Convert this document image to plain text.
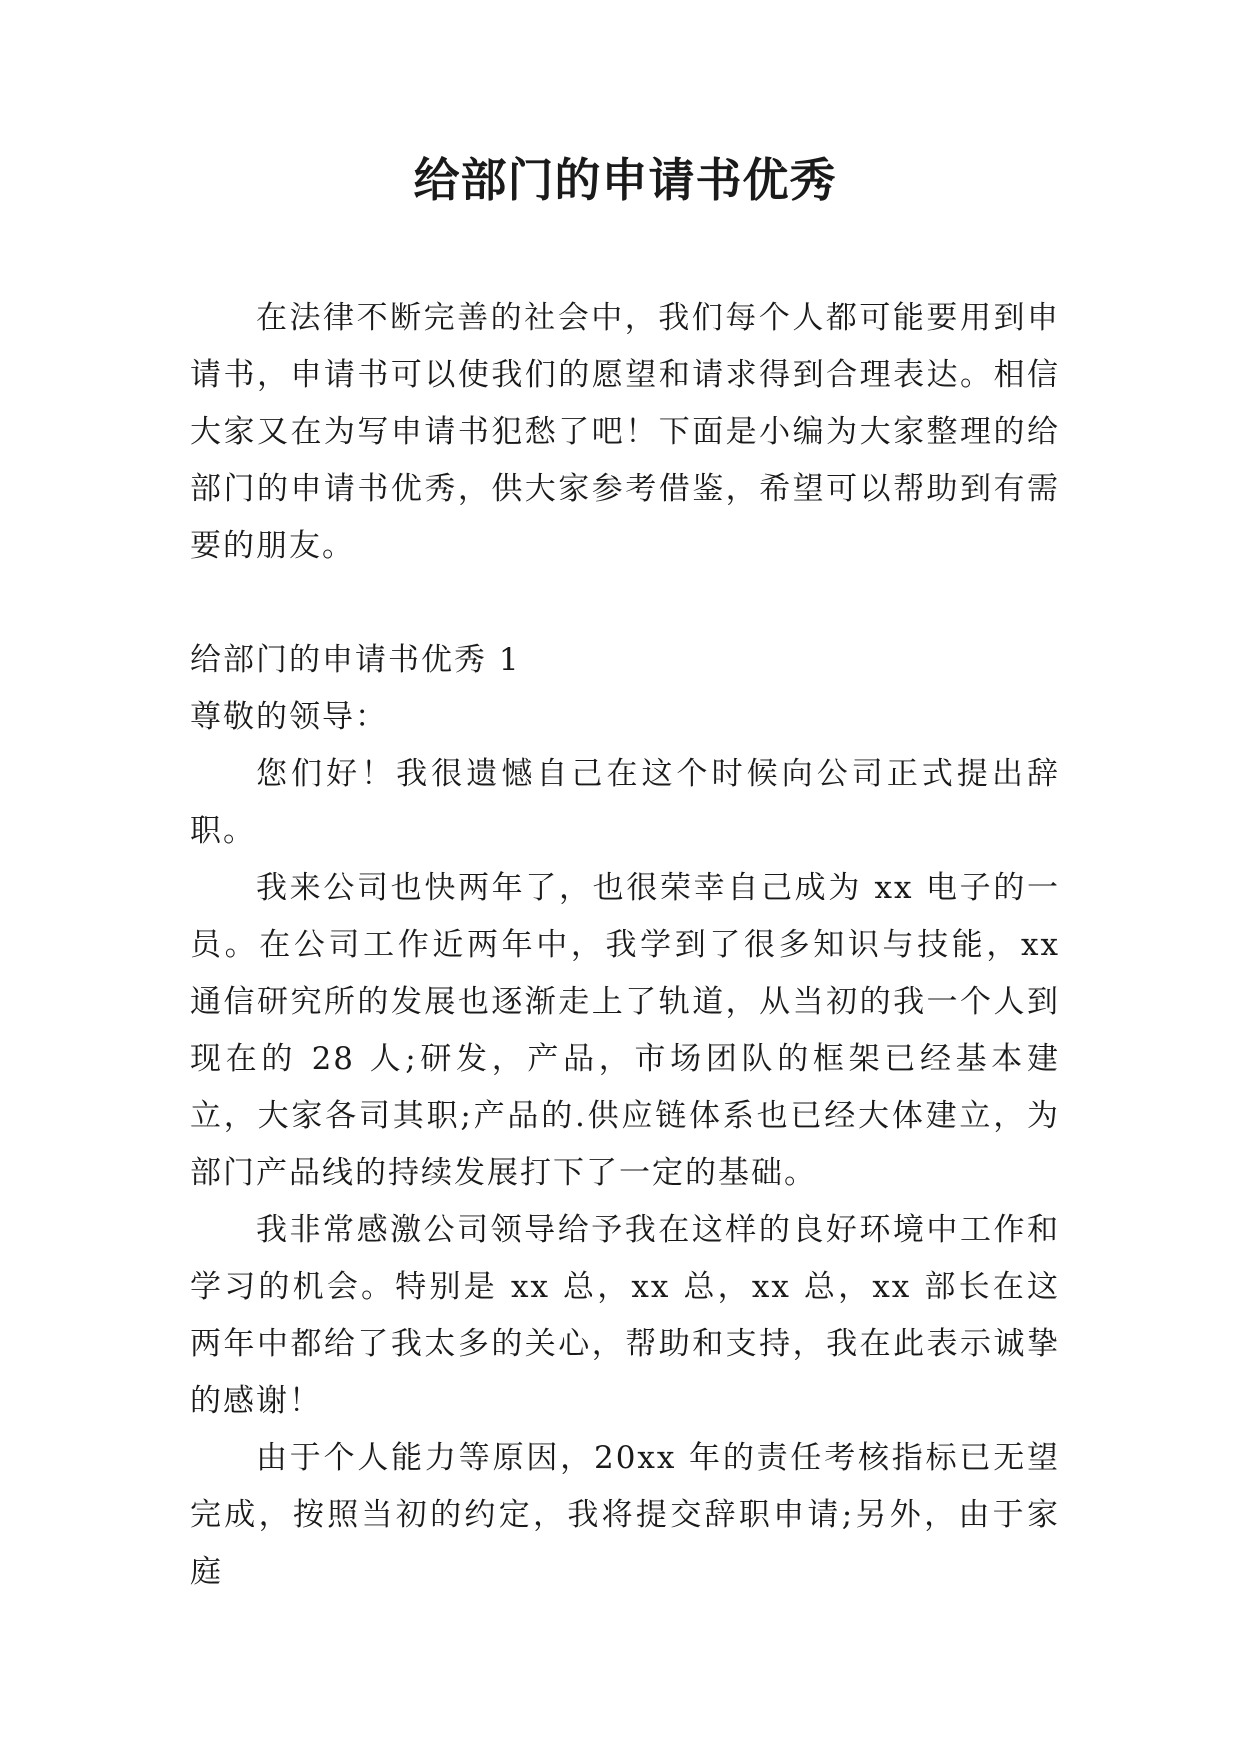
给部门的申请书优秀

在法律不断完善的社会中，我们每个人都可能要用到申请书，申请书可以使我们的愿望和请求得到合理表达。相信大家又在为写申请书犯愁了吧！下面是小编为大家整理的给部门的申请书优秀，供大家参考借鉴，希望可以帮助到有需要的朋友。

给部门的申请书优秀 1

尊敬的领导：

您们好！我很遗憾自己在这个时候向公司正式提出辞职。

我来公司也快两年了，也很荣幸自己成为 xx 电子的一员。在公司工作近两年中，我学到了很多知识与技能，xx 通信研究所的发展也逐渐走上了轨道，从当初的我一个人到现在的 28 人;研发，产品，市场团队的框架已经基本建立，大家各司其职;产品的.供应链体系也已经大体建立，为部门产品线的持续发展打下了一定的基础。

我非常感激公司领导给予我在这样的良好环境中工作和学习的机会。特别是 xx 总，xx 总，xx 总，xx 部长在这两年中都给了我太多的关心，帮助和支持，我在此表示诚挚的感谢！

由于个人能力等原因，20xx 年的责任考核指标已无望完成，按照当初的约定，我将提交辞职申请;另外，由于家庭
